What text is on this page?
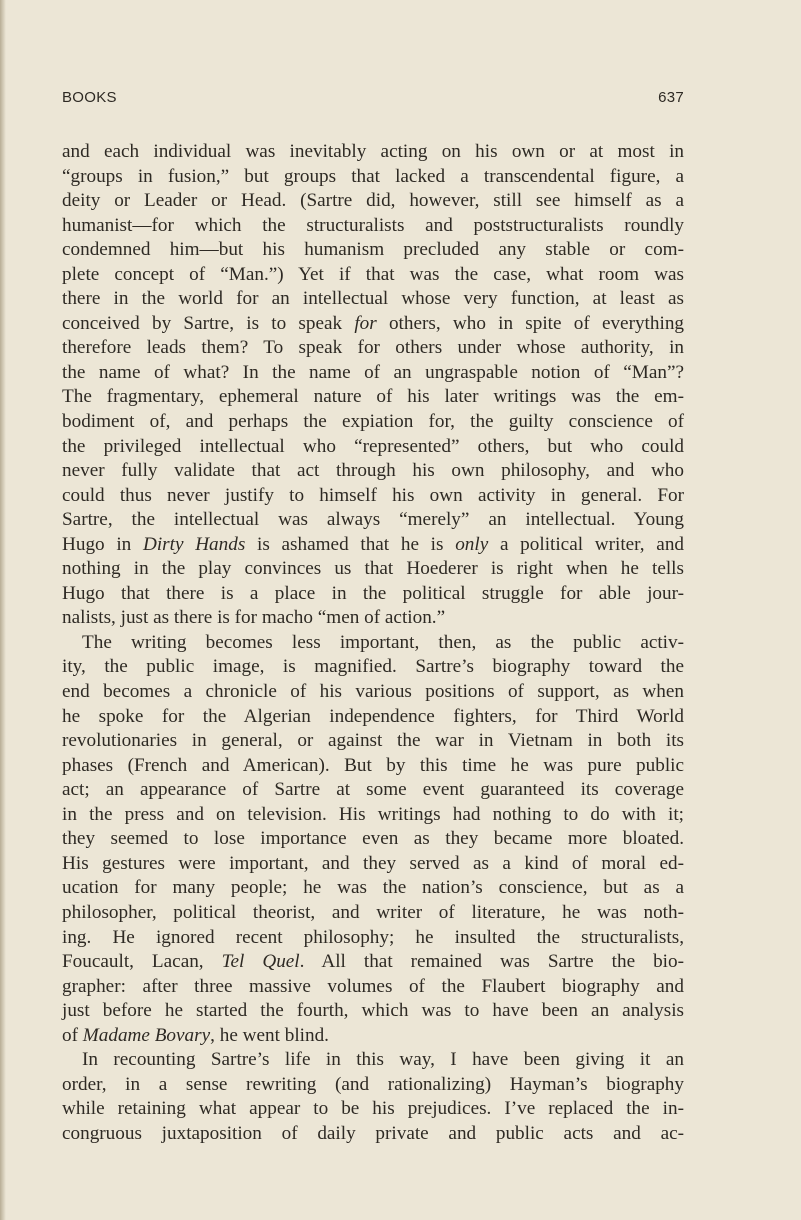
BOOKS	637
and each individual was inevitably acting on his own or at most in
“groups in fusion,” but groups that lacked a transcendental figure, a
deity or Leader or Head. (Sartre did, however, still see himself as a
humanist—for which the structuralists and poststructuralists roundly
condemned him—but his humanism precluded any stable or com-
plete concept of “Man.”) Yet if that was the case, what room was
there in the world for an intellectual whose very function, at least as
conceived by Sartre, is to speak for others, who in spite of everything
therefore leads them? To speak for others under whose authority, in
the name of what? In the name of an ungraspable notion of “Man”?
The fragmentary, ephemeral nature of his later writings was the em-
bodiment of, and perhaps the expiation for, the guilty conscience of
the privileged intellectual who “represented” others, but who could
never fully validate that act through his own philosophy, and who
could thus never justify to himself his own activity in general. For
Sartre, the intellectual was always “merely” an intellectual. Young
Hugo in Dirty Hands is ashamed that he is only a political writer, and
nothing in the play convinces us that Hoederer is right when he tells
Hugo that there is a place in the political struggle for able jour-
nalists, just as there is for macho “men of action.”
The writing becomes less important, then, as the public activ-
ity, the public image, is magnified. Sartre’s biography toward the
end becomes a chronicle of his various positions of support, as when
he spoke for the Algerian independence fighters, for Third World
revolutionaries in general, or against the war in Vietnam in both its
phases (French and American). But by this time he was pure public
act; an appearance of Sartre at some event guaranteed its coverage
in the press and on television. His writings had nothing to do with it;
they seemed to lose importance even as they became more bloated.
His gestures were important, and they served as a kind of moral ed-
ucation for many people; he was the nation’s conscience, but as a
philosopher, political theorist, and writer of literature, he was noth-
ing. He ignored recent philosophy; he insulted the structuralists,
Foucault, Lacan, Tel Quel. All that remained was Sartre the bio-
grapher: after three massive volumes of the Flaubert biography and
just before he started the fourth, which was to have been an analysis
of Madame Bovary, he went blind.
In recounting Sartre’s life in this way, I have been giving it an
order, in a sense rewriting (and rationalizing) Hayman’s biography
while retaining what appear to be his prejudices. I’ve replaced the in-
congruous juxtaposition of daily private and public acts and ac-
